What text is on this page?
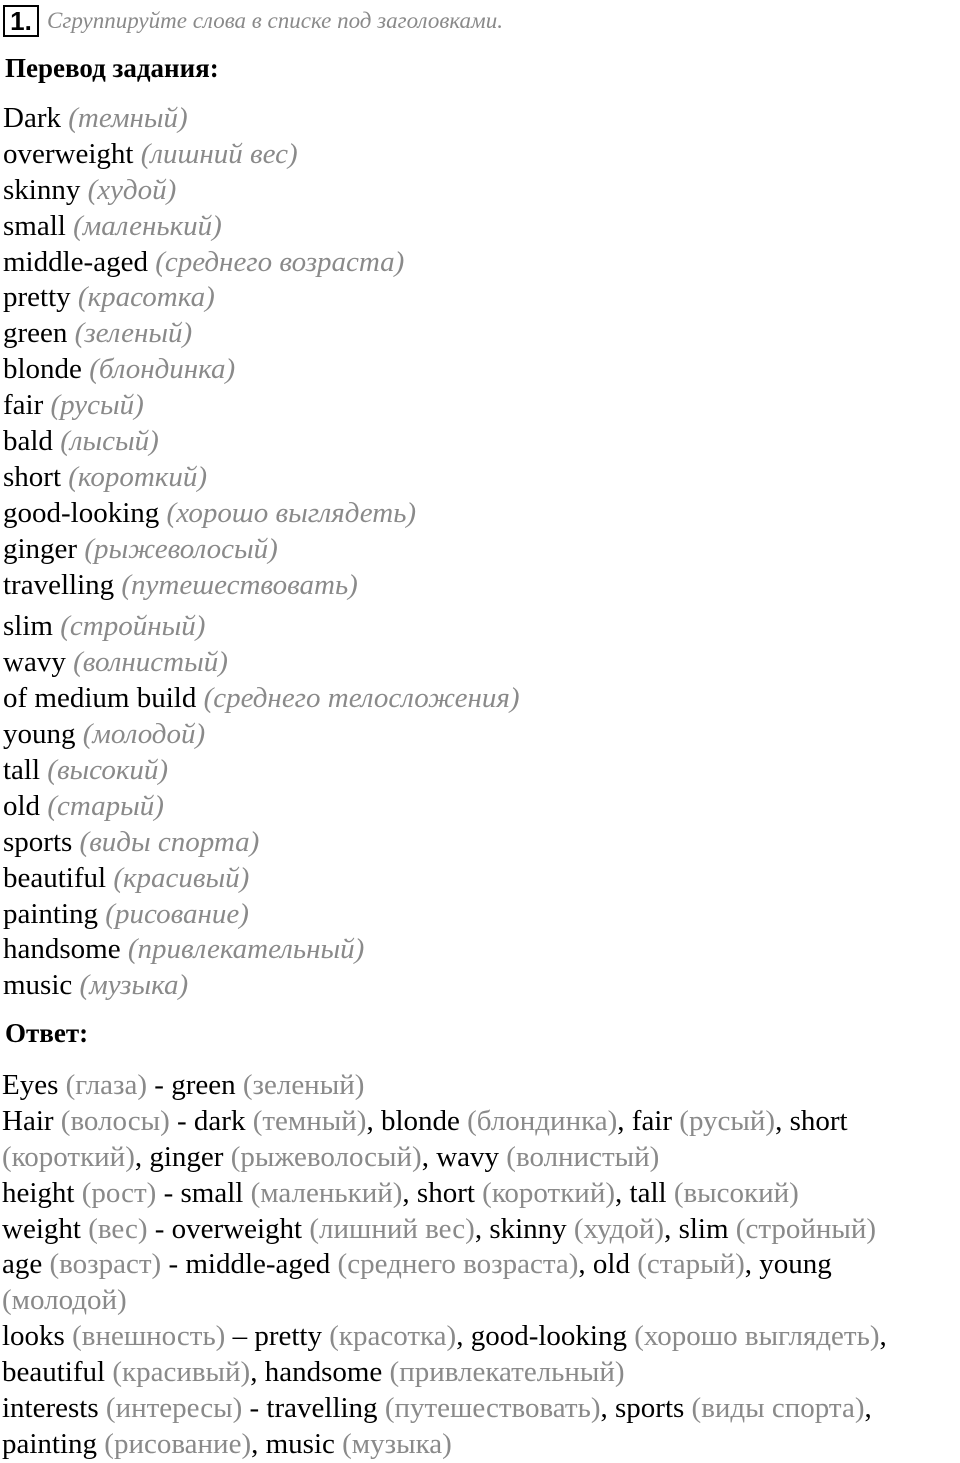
1. Сгруппируйте слова в списке под заголовками.
Перевод задания:
Dark (темный)
overweight (лишний вес)
skinny (худой)
small (маленький)
middle-aged (среднего возраста)
pretty (красотка)
green (зеленый)
blonde (блондинка)
fair (русый)
bald (лысый)
short (короткий)
good-looking (хорошо выглядеть)
ginger (рыжеволосый)
travelling (путешествовать)
slim (стройный)
wavy (волнистый)
of medium build (среднего телосложения)
young (молодой)
tall (высокий)
old (старый)
sports (виды спорта)
beautiful (красивый)
painting (рисование)
handsome (привлекательный)
music (музыка)
Ответ:
Eyes (глаза) - green (зеленый)
Hair (волосы) - dark (темный), blonde (блондинка), fair (русый), short
(короткий), ginger (рыжеволосый), wavy (волнистый)
height (рост) - small (маленький), short (короткий), tall (высокий)
weight (вес) - overweight (лишний вес), skinny (худой), slim (стройный)
age (возраст) - middle-aged (среднего возраста), old (старый), young
(молодой)
looks (внешность) – pretty (красотка), good-looking (хорошо выглядеть),
beautiful (красивый), handsome (привлекательный)
interests (интересы) - travelling (путешествовать), sports (виды спорта),
painting (рисование), music (музыка)
